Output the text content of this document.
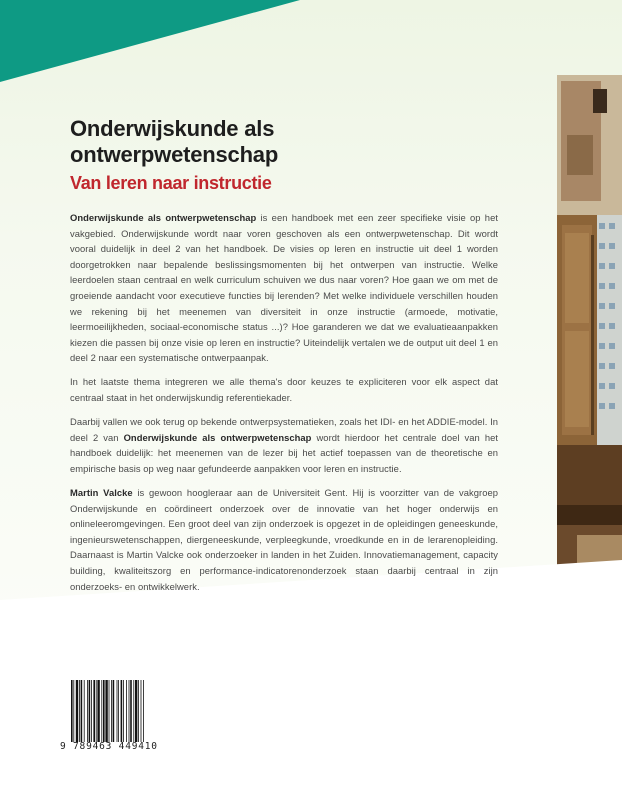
Onderwijskunde als
ontwerpwetenschap
Van leren naar instructie

Onderwijskunde als ontwerpwetenschap is een handboek met een zeer specifieke visie op het vakgebied. Onderwijskunde wordt naar voren geschoven als een ontwerpwetenschap. Dit wordt vooral duidelijk in deel 2 van het handboek. De visies op leren en instructie uit deel 1 worden doorgetrokken naar bepalende beslissingsmomenten bij het ontwerpen van instructie. Welke leerdoelen staan centraal en welk curriculum schuiven we dus naar voren? Hoe gaan we om met de groeiende aandacht voor executieve functies bij lerenden? Met welke individuele verschillen houden we rekening bij het meenemen van diversiteit in onze instructie (armoede, motivatie, leermoeilijkheden, sociaal-economische status ...)? Hoe garanderen we dat we evaluatieaanpakken kiezen die passen bij onze visie op leren en instructie? Uiteindelijk vertalen we de output uit deel 1 en deel 2 naar een systematische ontwerpaanpak.

In het laatste thema integreren we alle thema's door keuzes te expliciteren voor elk aspect dat centraal staat in het onderwijskundig referentiekader.

Daarbij vallen we ook terug op bekende ontwerpsystematieken, zoals het IDI- en het ADDIE-model. In deel 2 van Onderwijskunde als ontwerpwetenschap wordt hierdoor het centrale doel van het handboek duidelijk: het meenemen van de lezer bij het actief toepassen van de theoretische en empirische basis op weg naar gefundeerde aanpakken voor leren en instructie.

Martin Valcke is gewoon hoogleraar aan de Universiteit Gent. Hij is voorzitter van de vakgroep Onderwijskunde en coördineert onderzoek over de innovatie van het hoger onderwijs en onlineleeromgevingen. Een groot deel van zijn onderzoek is opgezet in de opleidingen geneeskunde, ingenieurswetenschappen, diergeneeskunde, verpleegkunde, vroedkunde en in de lerarenopleiding. Daarnaast is Martin Valcke ook onderzoeker in landen in het Zuiden. Innovatiemanagement, capacity building, kwaliteitszorg en performance-indicatorenonderzoek staan daarbij centraal in zijn onderzoeks- en ontwikkelwerk.

9 789463 449410
